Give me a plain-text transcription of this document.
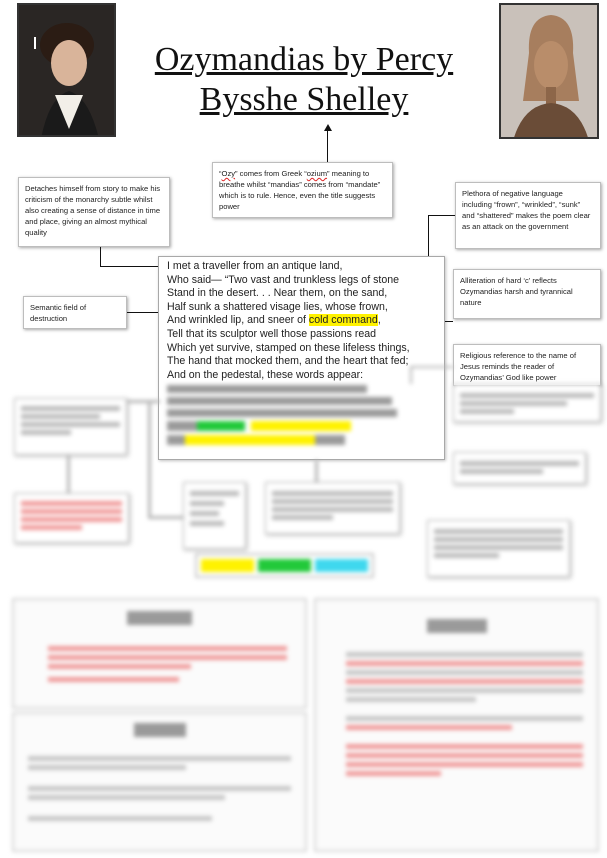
Ozymandias by Percy
Bysshe Shelley
“Ozy” comes from Greek “ozium” meaning to breathe whilst “mandias” comes from “mandate” which is to rule. Hence, even the title suggests power
Detaches himself from story to make his criticism of the monarchy subtle whilst also creating a sense of distance in time and place, giving an almost mythical quality
Plethora of negative language including “frown”, “wrinkled”, “sunk” and “shattered” makes the poem clear as an attack on the government
Alliteration of hard ‘c’ reflects Ozymandias harsh and tyrannical nature
Semantic field of destruction
Religious reference to the name of Jesus reminds the reader of Ozymandias’ God like power
I met a traveller from an antique land,
Who said— “Two vast and trunkless legs of stone
Stand in the desert. . . Near them, on the sand,
Half sunk a shattered visage lies, whose frown,
And wrinkled lip, and sneer of cold command,
Tell that its sculptor well those passions read
Which yet survive, stamped on these lifeless things,
The hand that mocked them, and the heart that fed;
And on the pedestal, these words appear:
